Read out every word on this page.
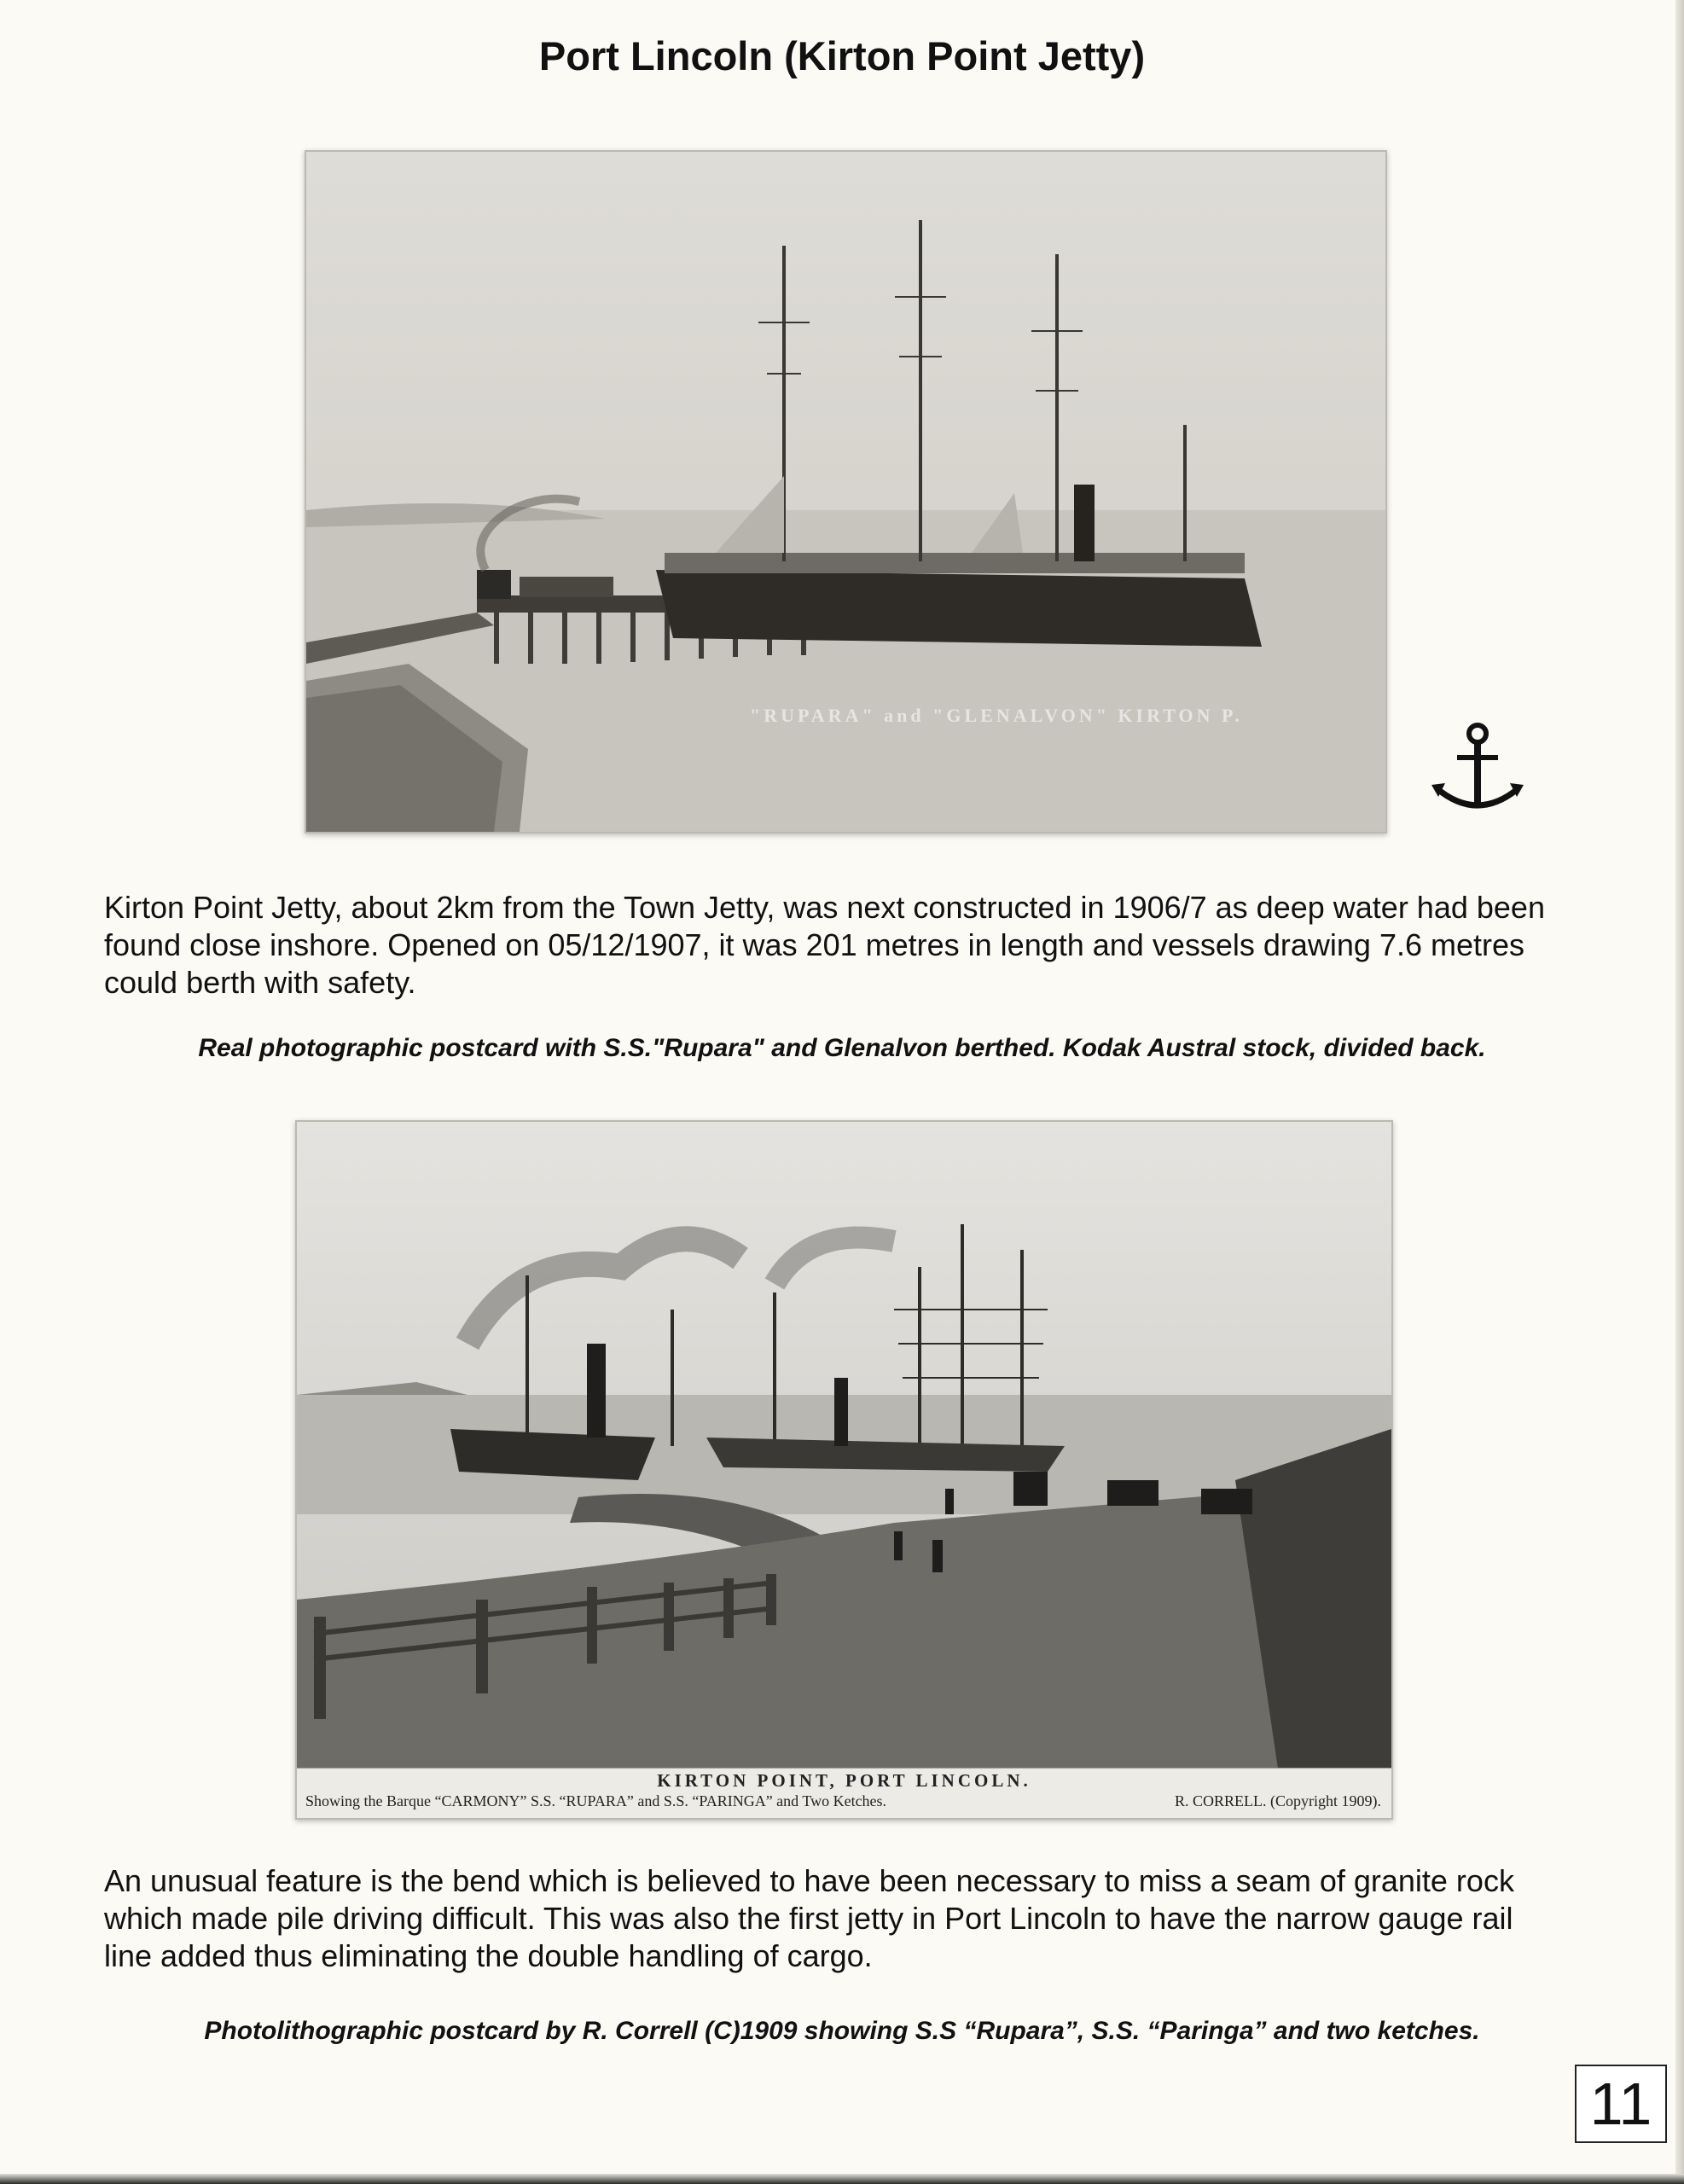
Port Lincoln (Kirton Point Jetty)
"RUPARA" and "GLENALVON" KIRTON P.
Kirton Point Jetty, about 2km from the Town Jetty, was next constructed in 1906/7 as deep water had been found close inshore. Opened on 05/12/1907, it was 201 metres in length and vessels drawing 7.6 metres could berth with safety.
Real photographic postcard with S.S."Rupara" and Glenalvon berthed. Kodak Austral stock, divided back.
KIRTON POINT, PORT LINCOLN.
Showing the Barque “CARMONY” S.S. “RUPARA” and S.S. “PARINGA” and Two Ketches.	R. CORRELL. (Copyright 1909).
An unusual feature is the bend which is believed to have been necessary to miss a seam of granite rock which made pile driving difficult. This was also the first jetty in Port Lincoln to have the narrow gauge rail line added thus eliminating the double handling of cargo.
Photolithographic postcard by R. Correll (C)1909 showing S.S “Rupara”, S.S. “Paringa” and two ketches.
11
